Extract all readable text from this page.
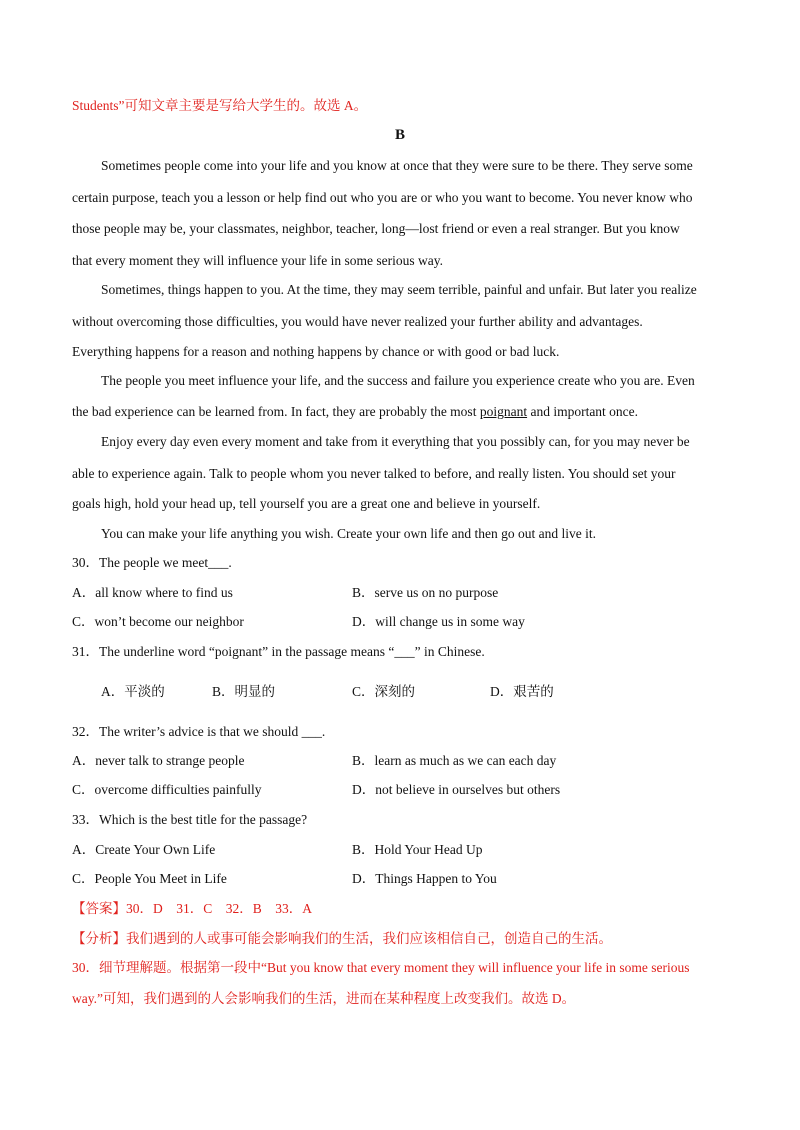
Students”可知文章主要是写给大学生的。故选 A。
B
Sometimes people come into your life and you know at once that they were sure to be there. They serve some
certain purpose, teach you a lesson or help find out who you are or who you want to become. You never know who
those people may be, your classmates, neighbor, teacher, long—lost friend or even a real stranger. But you know
that every moment they will influence your life in some serious way.
Sometimes, things happen to you. At the time, they may seem terrible, painful and unfair. But later you realize
without overcoming those difficulties, you would have never realized your further ability and advantages.
Everything happens for a reason and nothing happens by chance or with good or bad luck.
The people you meet influence your life, and the success and failure you experience create who you are. Even
the bad experience can be learned from. In fact, they are probably the most poignant and important once.
Enjoy every day even every moment and take from it everything that you possibly can, for you may never be
able to experience again. Talk to people whom you never talked to before, and really listen. You should set your
goals high, hold your head up, tell yourself you are a great one and believe in yourself.
You can make your life anything you wish. Create your own life and then go out and live it.
30．The people we meet___.
A．all know where to find us	B．serve us on no purpose
C．won’t become our neighbor	D．will change us in some way
31．The underline word “poignant” in the passage means “___” in Chinese.
A．平淡的	B．明显的	C．深刻的	D．艰苦的
32．The writer’s advice is that we should ___.
A．never talk to strange people	B．learn as much as we can each day
C．overcome difficulties painfully	D．not believe in ourselves but others
33．Which is the best title for the passage?
A．Create Your Own Life	B．Hold Your Head Up
C．People You Meet in Life	D．Things Happen to You
【答案】30．D　31．C　32．B　33．A
【分析】我们遇到的人或事可能会影响我们的生活，我们应该相信自己，创造自己的生活。
30．细节理解题。根据第一段中“But you know that every moment they will influence your life in some serious
way.”可知，我们遇到的人会影响我们的生活，进而在某种程度上改变我们。故选 D。
